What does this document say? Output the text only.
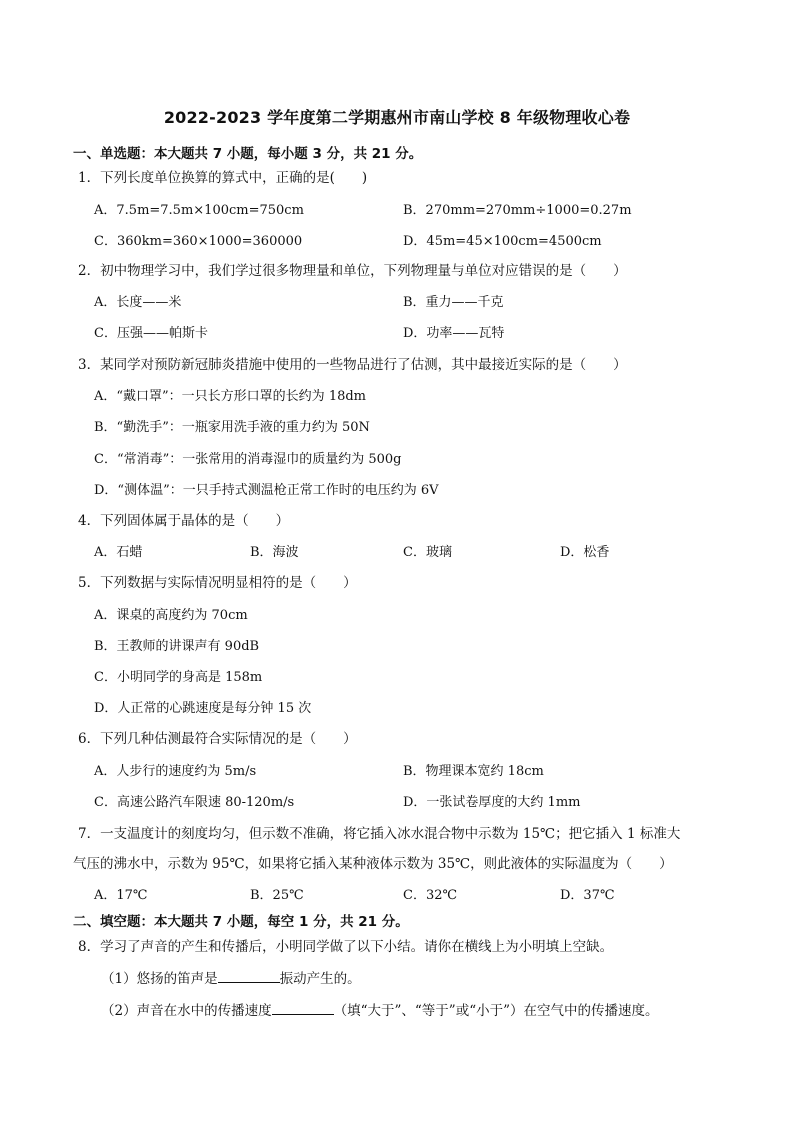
2022-2023 学年度第二学期惠州市南山学校 8 年级物理收心卷
一、单选题：本大题共 7 小题，每小题 3 分，共 21 分。
1．下列长度单位换算的算式中，正确的是(　　)
A．7.5m=7.5m×100cm=750cm	B．270mm=270mm÷1000=0.27m
C．360km=360×1000=360000	D．45m=45×100cm=4500cm
2．初中物理学习中，我们学过很多物理量和单位，下列物理量与单位对应错误的是（　　）
A．长度——米	B．重力——千克
C．压强——帕斯卡	D．功率——瓦特
3．某同学对预防新冠肺炎措施中使用的一些物品进行了估测，其中最接近实际的是（　　）
A．“戴口罩”：一只长方形口罩的长约为 18dm
B．“勤洗手”：一瓶家用洗手液的重力约为 50N
C．“常消毒”：一张常用的消毒湿巾的质量约为 500g
D．“测体温”：一只手持式测温枪正常工作时的电压约为 6V
4．下列固体属于晶体的是（　　）
A．石蜡	B．海波	C．玻璃	D．松香
5．下列数据与实际情况明显相符的是（　　）
A．课桌的高度约为 70cm
B．王教师的讲课声有 90dB
C．小明同学的身高是 158m
D．人正常的心跳速度是每分钟 15 次
6．下列几种估测最符合实际情况的是（　　）
A．人步行的速度约为 5m/s	B．物理课本宽约 18cm
C．高速公路汽车限速 80-120m/s	D．一张试卷厚度的大约 1mm
7．一支温度计的刻度均匀，但示数不准确，将它插入冰水混合物中示数为 15℃；把它插入 1 标准大
气压的沸水中，示数为 95℃，如果将它插入某种液体示数为 35℃，则此液体的实际温度为（　　）
A．17℃	B．25℃	C．32℃	D．37℃
二、填空题：本大题共 7 小题，每空 1 分，共 21 分。
8．学习了声音的产生和传播后，小明同学做了以下小结。请你在横线上为小明填上空缺。
（1）悠扬的笛声是	振动产生的。
（2）声音在水中的传播速度	（填“大于”、“等于”或“小于”）在空气中的传播速度。
